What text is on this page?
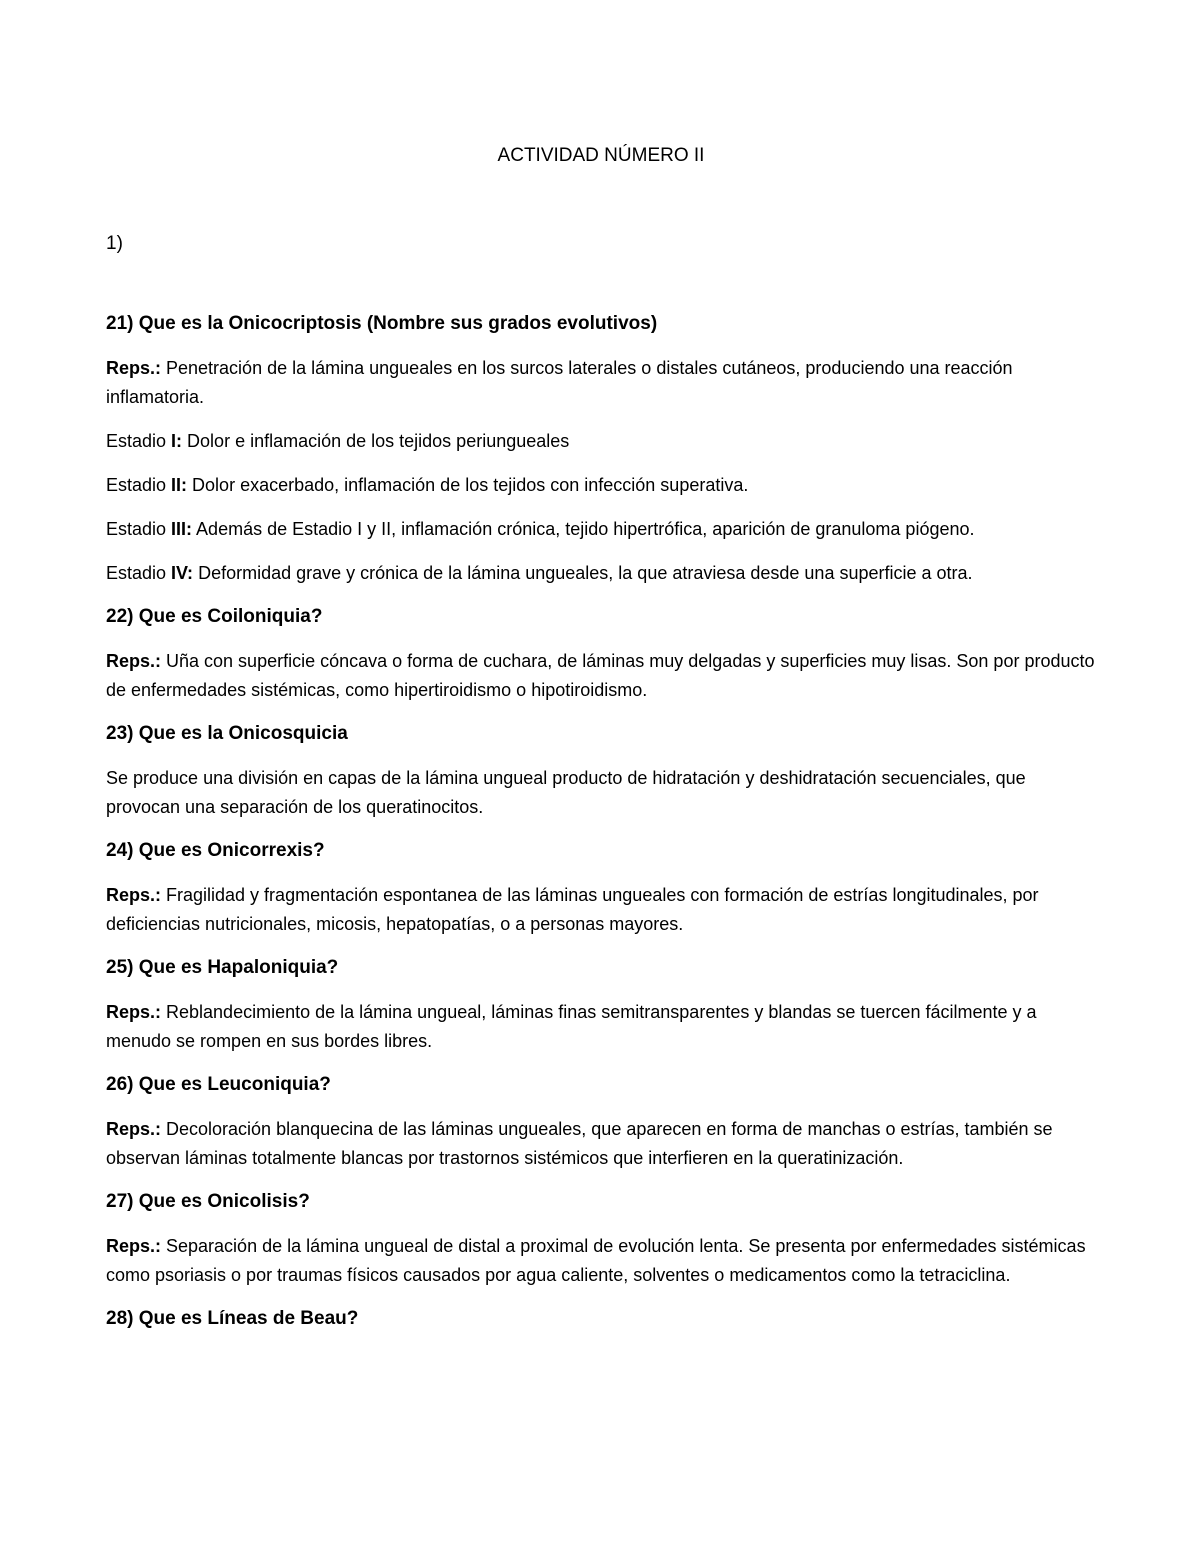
ACTIVIDAD NÚMERO II
1)
21) Que es la Onicocriptosis (Nombre sus grados evolutivos)
Reps.: Penetración de la lámina ungueales en los surcos laterales o distales cutáneos, produciendo una reacción inflamatoria.
Estadio I: Dolor e inflamación de los tejidos periungueales
Estadio II: Dolor exacerbado, inflamación de los tejidos con infección superativa.
Estadio III: Además de Estadio I y II, inflamación crónica, tejido hipertrófica, aparición de granuloma piógeno.
Estadio IV: Deformidad grave y crónica de la lámina ungueales, la que atraviesa desde una superficie a otra.
22) Que es Coiloniquia?
Reps.: Uña con superficie cóncava o forma de cuchara, de láminas muy delgadas y superficies muy lisas. Son por producto de enfermedades sistémicas, como hipertiroidismo o hipotiroidismo.
23) Que es la Onicosquicia
Se produce una división en capas de la lámina ungueal producto de hidratación y deshidratación secuenciales, que provocan una separación de los queratinocitos.
24) Que es Onicorrexis?
Reps.: Fragilidad y fragmentación espontanea de las láminas ungueales con formación de estrías longitudinales, por deficiencias nutricionales, micosis, hepatopatías, o a personas mayores.
25) Que es Hapaloniquia?
Reps.: Reblandecimiento de la lámina ungueal, láminas finas semitransparentes y blandas se tuercen fácilmente y a menudo se rompen en sus bordes libres.
26) Que es Leuconiquia?
Reps.: Decoloración blanquecina de las láminas ungueales, que aparecen en forma de manchas o estrías, también se observan láminas totalmente blancas por trastornos sistémicos que interfieren en la queratinización.
27) Que es Onicolisis?
Reps.: Separación de la lámina ungueal de distal a proximal de evolución lenta. Se presenta por enfermedades sistémicas como psoriasis o por traumas físicos causados por agua caliente, solventes o medicamentos como la tetraciclina.
28) Que es Líneas de Beau?
